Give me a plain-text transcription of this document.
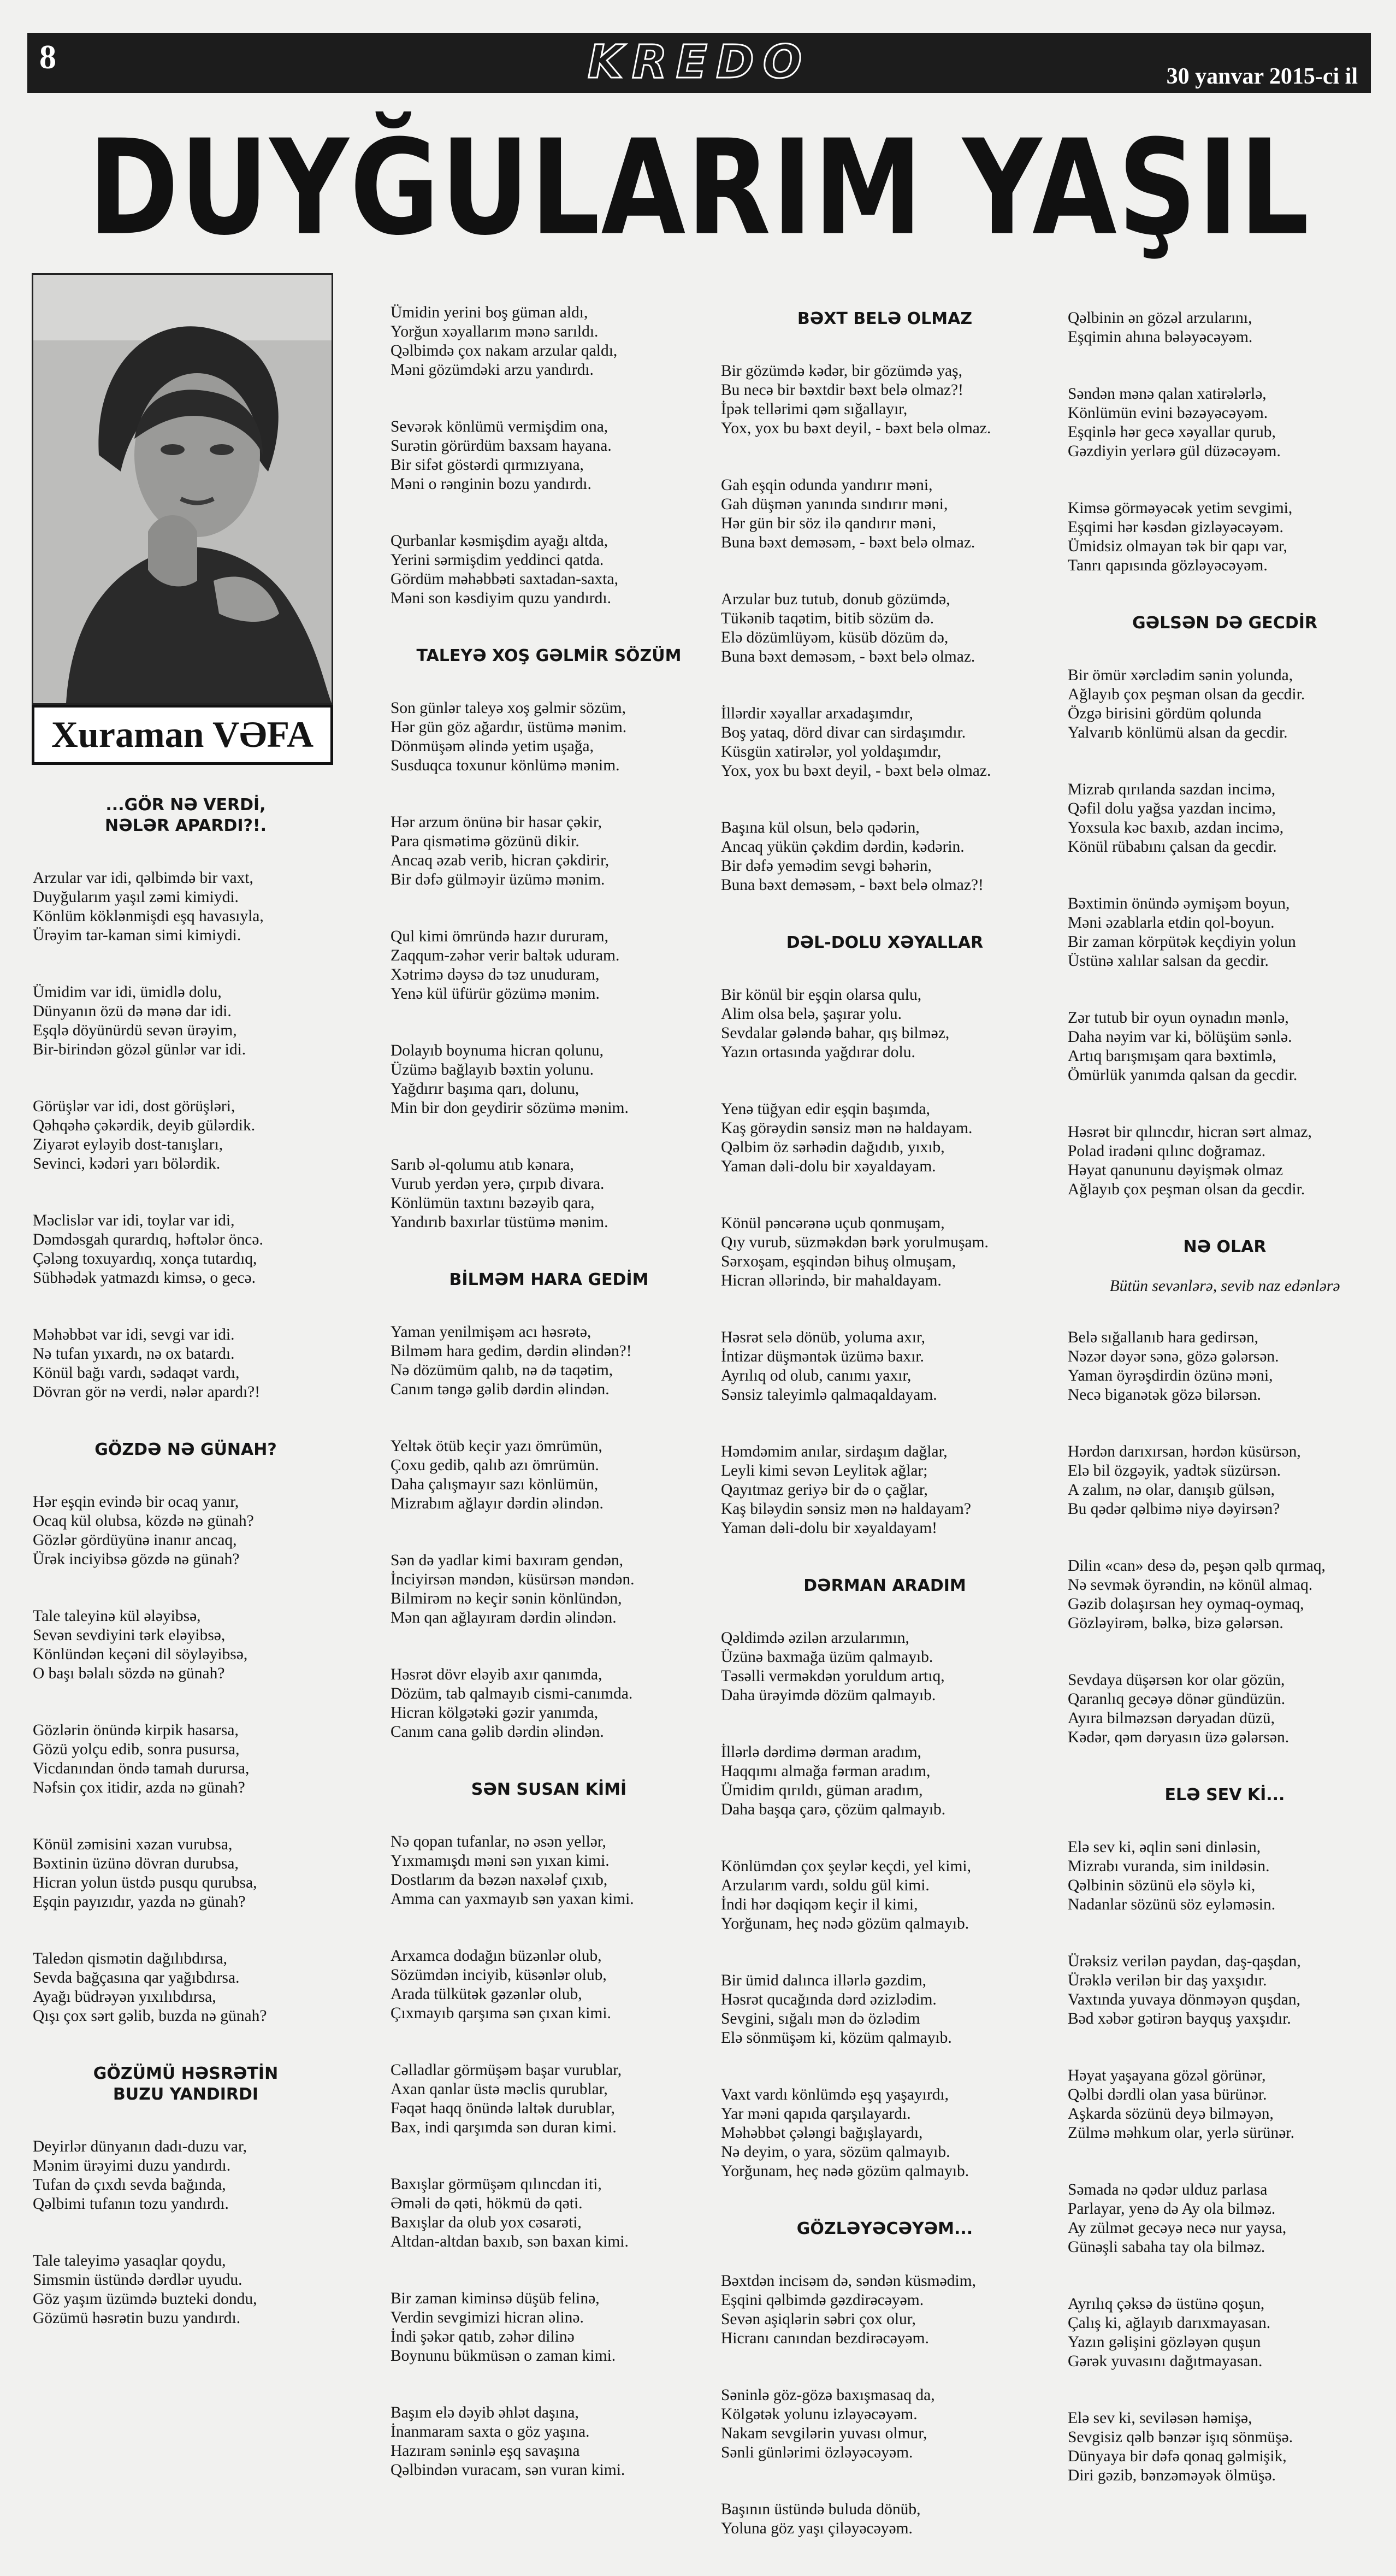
8	KREDO	30 yanvar 2015-ci il
DUYĞULARIM YAŞIL
Xuraman VƏFA

...GÖR NƏ VERDİ,
NƏLƏR APARDI?!.

Arzular var idi, qəlbimdə bir vaxt,
Duyğularım yaşıl zəmi kimiydi.
Könlüm köklənmişdi eşq havasıyla,
Ürəyim tar-kaman simi kimiydi.

Ümidim var idi, ümidlə dolu,
Dünyanın özü də mənə dar idi.
Eşqlə döyünürdü sevən ürəyim,
Bir-birindən gözəl günlər var idi.

Görüşlər var idi, dost görüşləri,
Qəhqəhə çəkərdik, deyib gülərdik.
Ziyarət eyləyib dost-tanışları,
Sevinci, kədəri yarı bölərdik.

Məclislər var idi, toylar var idi,
Dəmdəsgah qurardıq, həftələr öncə.
Çələng toxuyardıq, xonça tutardıq,
Sübhədək yatmazdı kimsə, o gecə.

Məhəbbət var idi, sevgi var idi.
Nə tufan yıxardı, nə ox batardı.
Könül bağı vardı, sədaqət vardı,
Dövran gör nə verdi, nələr apardı?!

GÖZDƏ NƏ GÜNAH?

Hər eşqin evində bir ocaq yanır,
Ocaq kül olubsa, közdə nə günah?
Gözlər gördüyünə inanır ancaq,
Ürək inciyibsə gözdə nə günah?

Tale taleyinə kül ələyibsə,
Sevən sevdiyini tərk eləyibsə,
Könlündən keçəni dil söyləyibsə,
O başı bəlalı sözdə nə günah?

Gözlərin önündə kirpik hasarsa,
Gözü yolçu edib, sonra pusursa,
Vicdanından öndə tamah durursa,
Nəfsin çox itidir, azda nə günah?

Könül zəmisini xəzan vurubsa,
Bəxtinin üzünə dövran durubsa,
Hicran yolun üstdə pusqu qurubsa,
Eşqin payızıdır, yazda nə günah?

Taledən qismətin dağılıbdırsa,
Sevda bağçasına qar yağıbdırsa.
Ayağı büdrəyən yıxılıbdırsa,
Qışı çox sərt gəlib, buzda nə günah?

GÖZÜMÜ HƏSRƏTİN
BUZU YANDIRDI

Deyirlər dünyanın dadı-duzu var,
Mənim ürəyimi duzu yandırdı.
Tufan də çıxdı sevda bağında,
Qəlbimi tufanın tozu yandırdı.

Tale taleyimə yasaqlar qoydu,
Simsmin üstündə dərdlər uyudu.
Göz yaşım üzümdə buzteki dondu,
Gözümü həsrətin buzu yandırdı.

Ümidin yerini boş güman aldı,
Yorğun xəyallarım mənə sarıldı.
Qəlbimdə çox nakam arzular qaldı,
Məni gözümdəki arzu yandırdı.

Sevərək könlümü vermişdim ona,
Surətin görürdüm baxsam hayana.
Bir sifət göstərdi qırmızıyana,
Məni o rənginin bozu yandırdı.

Qurbanlar kəsmişdim ayağı altda,
Yerini sərmişdim yeddinci qatda.
Gördüm məhəbbəti saxtadan-saxta,
Məni son kəsdiyim quzu yandırdı.

TALEYƏ XOŞ GƏLMİR SÖZÜM

Son günlər taleyə xoş gəlmir sözüm,
Hər gün göz ağardır, üstümə mənim.
Dönmüşəm əlində yetim uşağa,
Susduqca toxunur könlümə mənim.

Hər arzum önünə bir hasar çəkir,
Para qismətimə gözünü dikir.
Ancaq əzab verib, hicran çəkdirir,
Bir dəfə gülməyir üzümə mənim.

Qul kimi ömründə hazır dururam,
Zaqqum-zəhər verir baltək uduram.
Xətrimə dəysə də təz unuduram,
Yenə kül üfürür gözümə mənim.

Dolayıb boynuma hicran qolunu,
Üzümə bağlayıb bəxtin yolunu.
Yağdırır başıma qarı, dolunu,
Min bir don geydirir sözümə mənim.

Sarıb əl-qolumu atıb kənara,
Vurub yerdən yerə, çırpıb divara.
Könlümün taxtını bəzəyib qara,
Yandırıb baxırlar tüstümə mənim.

BİLMƏM HARA GEDİM

Yaman yenilmişəm acı həsrətə,
Bilməm hara gedim, dərdin əlindən?!
Nə dözümüm qalıb, nə də taqətim,
Canım təngə gəlib dərdin əlindən.

Yeltək ötüb keçir yazı ömrümün,
Çoxu gedib, qalıb azı ömrümün.
Daha çalışmayır sazı könlümün,
Mizrabım ağlayır dərdin əlindən.

Sən də yadlar kimi baxıram gendən,
İnciyirsən məndən, küsürsən məndən.
Bilmirəm nə keçir sənin könlündən,
Mən qan ağlayıram dərdin əlindən.

Həsrət dövr eləyib axır qanımda,
Dözüm, tab qalmayıb cismi-canımda.
Hicran kölgətəki gəzir yanımda,
Canım cana gəlib dərdin əlindən.

SƏN SUSAN KİMİ

Nə qopan tufanlar, nə əsən yellər,
Yıxmamışdı məni sən yıxan kimi.
Dostlarım da bəzən naxələf çıxıb,
Amma can yaxmayıb sən yaxan kimi.

Arxamca dodağın büzənlər olub,
Sözümdən inciyib, küsənlər olub,
Arada tülkütək gəzənlər olub,
Çıxmayıb qarşıma sən çıxan kimi.

Cəlladlar görmüşəm başar vurublar,
Axan qanlar üstə məclis qurublar,
Fəqət haqq önündə laltək durublar,
Bax, indi qarşımda sən duran kimi.

Baxışlar görmüşəm qılıncdan iti,
Əməli də qəti, hökmü də qəti.
Baxışlar da olub yox cəsarəti,
Altdan-altdan baxıb, sən baxan kimi.

Bir zaman kiminsə düşüb felinə,
Verdin sevgimizi hicran əlinə.
İndi şəkər qatıb, zəhər dilinə
Boynunu bükmüsən o zaman kimi.

Başım elə dəyib əhlət daşına,
İnanmaram saxta o göz yaşına.
Hazıram səninlə eşq savaşına
Qəlbindən vuracam, sən vuran kimi.

BƏXT BELƏ OLMAZ

Bir gözümdə kədər, bir gözümdə yaş,
Bu necə bir bəxtdir bəxt belə olmaz?!
İpək tellərimi qəm sığallayır,
Yox, yox bu bəxt deyil, - bəxt belə olmaz.

Gah eşqin odunda yandırır məni,
Gah düşmən yanında sındırır məni,
Hər gün bir söz ilə qandırır məni,
Buna bəxt deməsəm, - bəxt belə olmaz.

Arzular buz tutub, donub gözümdə,
Tükənib taqətim, bitib sözüm də.
Elə dözümlüyəm, küsüb dözüm də,
Buna bəxt deməsəm, - bəxt belə olmaz.

İllərdir xəyallar arxadaşımdır,
Boş yataq, dörd divar can sirdaşımdır.
Küsgün xatirələr, yol yoldaşımdır,
Yox, yox bu bəxt deyil, - bəxt belə olmaz.

Başına kül olsun, belə qədərin,
Ancaq yükün çəkdim dərdin, kədərin.
Bir dəfə yemədim sevgi bəhərin,
Buna bəxt deməsəm, - bəxt belə olmaz?!

DƏL-DOLU XƏYALLAR

Bir könül bir eşqin olarsa qulu,
Alim olsa belə, şaşırar yolu.
Sevdalar gələndə bahar, qış bilməz,
Yazın ortasında yağdırar dolu.

Yenə tüğyan edir eşqin başımda,
Kaş görəydin sənsiz mən nə haldayam.
Qəlbim öz sərhədin dağıdıb, yıxıb,
Yaman dəli-dolu bir xəyaldayam.

Könül pəncərənə uçub qonmuşam,
Qıy vurub, süzməkdən bərk yorulmuşam.
Sərxoşam, eşqindən bihuş olmuşam,
Hicran əllərində, bir mahaldayam.

Həsrət selə dönüb, yoluma axır,
İntizar düşməntək üzümə baxır.
Ayrılıq od olub, canımı yaxır,
Sənsiz taleyimlə qalmaqaldayam.

Həmdəmim anılar, sirdaşım dağlar,
Leyli kimi sevən Leylitək ağlar;
Qayıtmaz geriyə bir də o çağlar,
Kaş biləydin sənsiz mən nə haldayam?
Yaman dəli-dolu bir xəyaldayam!

DƏRMAN ARADIM

Qəldimdə əzilən arzularımın,
Üzünə baxmağa üzüm qalmayıb.
Təsəlli verməkdən yoruldum artıq,
Daha ürəyimdə dözüm qalmayıb.

İllərlə dərdimə dərman aradım,
Haqqımı almağa fərman aradım,
Ümidim qırıldı, güman aradım,
Daha başqa çarə, çözüm qalmayıb.

Könlümdən çox şeylər keçdi, yel kimi,
Arzularım vardı, soldu gül kimi.
İndi hər dəqiqəm keçir il kimi,
Yorğunam, heç nədə gözüm qalmayıb.

Bir ümid dalınca illərlə gəzdim,
Həsrət qucağında dərd əzizlədim.
Sevgini, sığalı mən də özlədim
Elə sönmüşəm ki, közüm qalmayıb.

Vaxt vardı könlümdə eşq yaşayırdı,
Yar məni qapıda qarşılayardı.
Məhəbbət çələngi bağışlayardı,
Nə deyim, o yara, sözüm qalmayıb.
Yorğunam, heç nədə gözüm qalmayıb.

GÖZLƏYƏCƏYƏM...

Bəxtdən incisəm də, səndən küsmədim,
Eşqini qəlbimdə gəzdirəcəyəm.
Sevən aşiqlərin səbri çox olur,
Hicranı canından bezdirəcəyəm.

Səninlə göz-gözə baxışmasaq da,
Kölgətək yolunu izləyəcəyəm.
Nakam sevgilərin yuvası olmur,
Sənli günlərimi özləyəcəyəm.

Başının üstündə buluda dönüb,
Yoluna göz yaşı çiləyəcəyəm.

Qəlbinin ən gözəl arzularını,
Eşqimin ahına bələyəcəyəm.

Səndən mənə qalan xatirələrlə,
Könlümün evini bəzəyəcəyəm.
Eşqinlə hər gecə xəyallar qurub,
Gəzdiyin yerlərə gül düzəcəyəm.

Kimsə görməyəcək yetim sevgimi,
Eşqimi hər kəsdən gizləyəcəyəm.
Ümidsiz olmayan tək bir qapı var,
Tanrı qapısında gözləyəcəyəm.

GƏLSƏN DƏ GECDİR

Bir ömür xərclədim sənin yolunda,
Ağlayıb çox peşman olsan da gecdir.
Özgə birisini gördüm qolunda
Yalvarıb könlümü alsan da gecdir.

Mizrab qırılanda sazdan incimə,
Qəfil dolu yağsa yazdan incimə,
Yoxsula kəc baxıb, azdan incimə,
Könül rübabını çalsan da gecdir.

Bəxtimin önündə əymişəm boyun,
Məni əzablarla etdin qol-boyun.
Bir zaman körpütək keçdiyin yolun
Üstünə xalılar salsan da gecdir.

Zər tutub bir oyun oynadın mənlə,
Daha nəyim var ki, bölüşüm sənlə.
Artıq barışmışam qara bəxtimlə,
Ömürlük yanımda qalsan da gecdir.

Həsrət bir qılıncdır, hicran sərt almaz,
Polad iradəni qılınc doğramaz.
Həyat qanununu dəyişmək olmaz
Ağlayıb çox peşman olsan da gecdir.

NƏ OLAR

Bütün sevənlərə, sevib naz edənlərə

Belə sığallanıb hara gedirsən,
Nəzər dəyər sənə, gözə gələrsən.
Yaman öyrəşdirdin özünə məni,
Necə biganətək gözə bilərsən.

Hərdən darıxırsan, hərdən küsürsən,
Elə bil özgəyik, yadtək süzürsən.
A zalım, nə olar, danışıb gülsən,
Bu qədər qəlbimə niyə dəyirsən?

Dilin «can» desə də, peşən qəlb qırmaq,
Nə sevmək öyrəndin, nə könül almaq.
Gəzib dolaşırsan hey oymaq-oymaq,
Gözləyirəm, bəlkə, bizə gələrsən.

Sevdaya düşərsən kor olar gözün,
Qaranlıq gecəyə dönər gündüzün.
Ayıra bilməzsən dəryadan düzü,
Kədər, qəm dəryasın üzə gələrsən.

ELƏ SEV Kİ...

Elə sev ki, əqlin səni dinləsin,
Mizrabı vuranda, sim inildəsin.
Qəlbinin sözünü elə söylə ki,
Nadanlar sözünü söz eyləməsin.

Ürəksiz verilən paydan, daş-qaşdan,
Ürəklə verilən bir daş yaxşıdır.
Vaxtında yuvaya dönməyən quşdan,
Bəd xəbər gətirən bayquş yaxşıdır.

Həyat yaşayana gözəl görünər,
Qəlbi dərdli olan yasa bürünər.
Aşkarda sözünü deyə bilməyən,
Zülmə məhkum olar, yerlə sürünər.

Səmada nə qədər ulduz parlasa
Parlayar, yenə də Ay ola bilməz.
Ay zülmət gecəyə necə nur yaysa,
Günəşli sabaha tay ola bilməz.

Ayrılıq çəksə də üstünə qoşun,
Çalış ki, ağlayıb darıxmayasan.
Yazın gəlişini gözləyən quşun
Gərək yuvasını dağıtmayasan.

Elə sev ki, seviləsən həmişə,
Sevgisiz qəlb bənzər işıq sönmüşə.
Dünyaya bir dəfə qonaq gəlmişik,
Diri gəzib, bənzəməyək ölmüşə.
